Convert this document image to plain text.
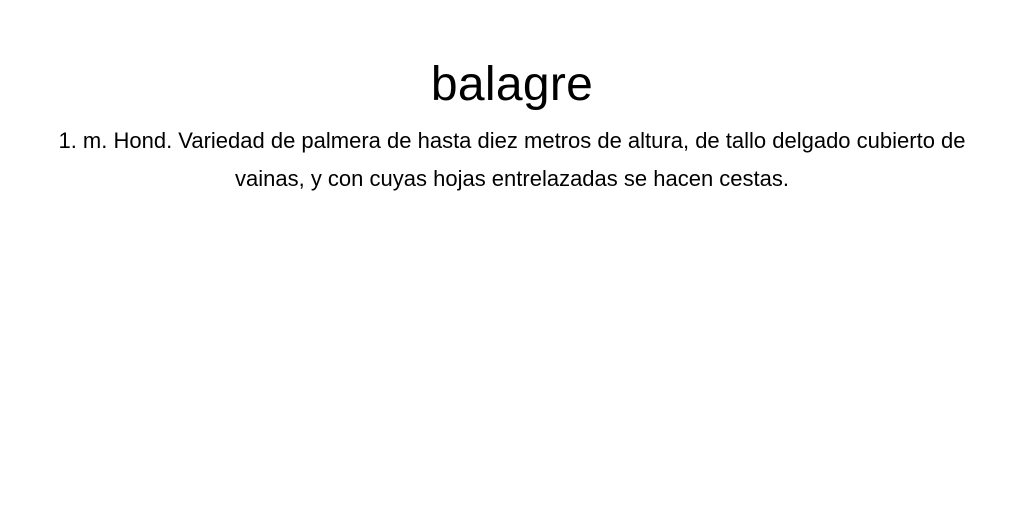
balagre

1. m. Hond. Variedad de palmera de hasta diez metros de altura, de tallo delgado cubierto de vainas, y con cuyas hojas entrelazadas se hacen cestas.
